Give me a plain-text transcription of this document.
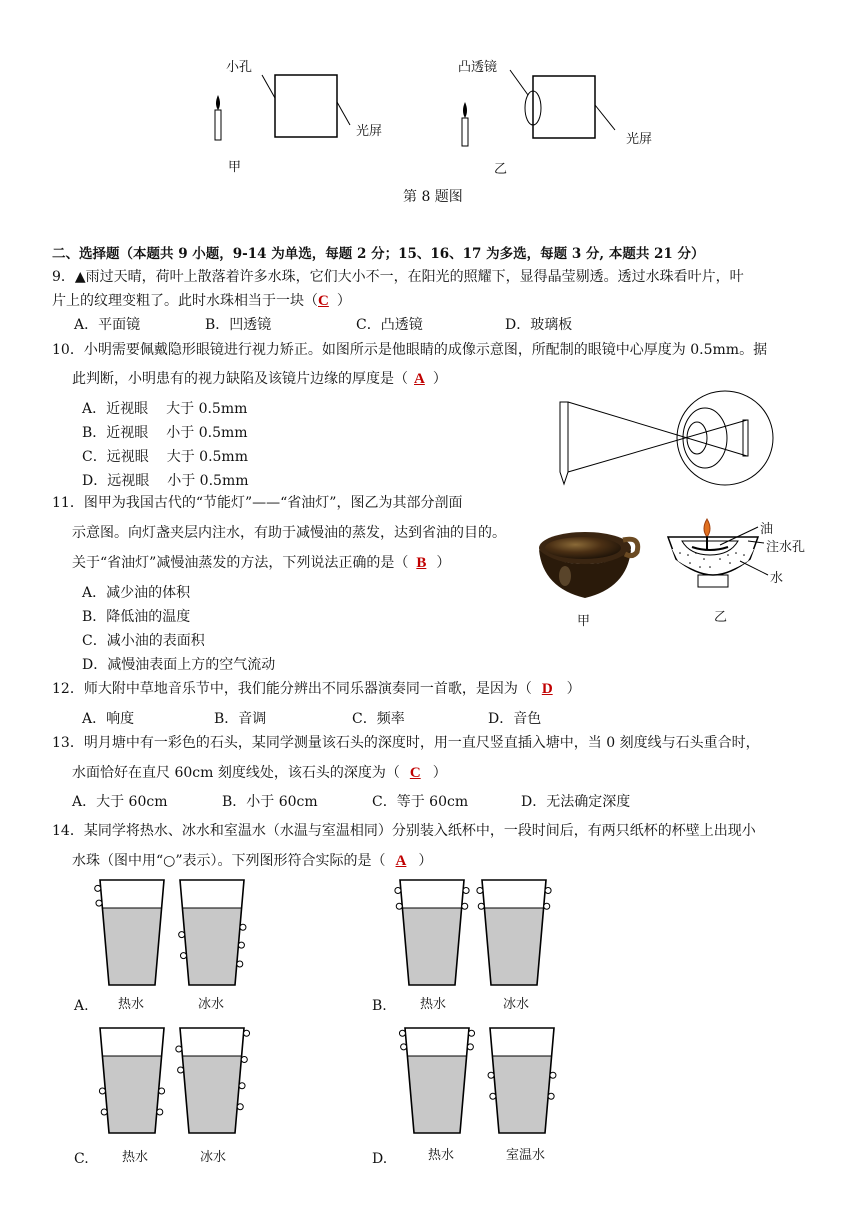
小孔
光屏
甲
凸透镜
光屏
乙
第 8 题图
二、选择题（本题共 9 小题，9-14 为单选，每题 2 分；15、16、17 为多选，每题 3 分, 本题共 21 分）
9．▲雨过天晴，荷叶上散落着许多水珠，它们大小不一，在阳光的照耀下，显得晶莹剔透。透过水珠看叶片，叶
片上的纹理变粗了。此时水珠相当于一块（C ）
A．平面镜	B．凹透镜	C．凸透镜	D．玻璃板
10．小明需要佩戴隐形眼镜进行视力矫正。如图所示是他眼睛的成像示意图，所配制的眼镜中心厚度为 0.5mm。据
此判断，小明患有的视力缺陷及该镜片边缘的厚度是（ A ）
A．近视眼 大于 0.5mm
B．近视眼 小于 0.5mm
C．远视眼 大于 0.5mm
D．远视眼 小于 0.5mm
11．图甲为我国古代的“节能灯”——“省油灯”，图乙为其部分剖面
示意图。向灯盏夹层内注水，有助于减慢油的蒸发，达到省油的目的。
关于“省油灯”减慢油蒸发的方法，下列说法正确的是（ B ）
A．减少油的体积
B．降低油的温度
C．减小油的表面积
D．减慢油表面上方的空气流动
甲
油
注水孔
水
乙
12．师大附中草地音乐节中，我们能分辨出不同乐器演奏同一首歌，是因为（ D ）
A．响度	B．音调	C．频率	D．音色
13．明月塘中有一彩色的石头，某同学测量该石头的深度时，用一直尺竖直插入塘中，当 0 刻度线与石头重合时，
水面恰好在直尺 60cm 刻度线处，该石头的深度为（ C ）
A．大于 60cm	B．小于 60cm	C．等于 60cm	D．无法确定深度
14．某同学将热水、冰水和室温水（水温与室温相同）分别装入纸杯中，一段时间后，有两只纸杯的杯壁上出现小
水珠（图中用“○”表示）。下列图形符合实际的是（ A ）
A. 热水	冰水	B.	热水	冰水
C.	热水	冰水	D.	热水	室温水
